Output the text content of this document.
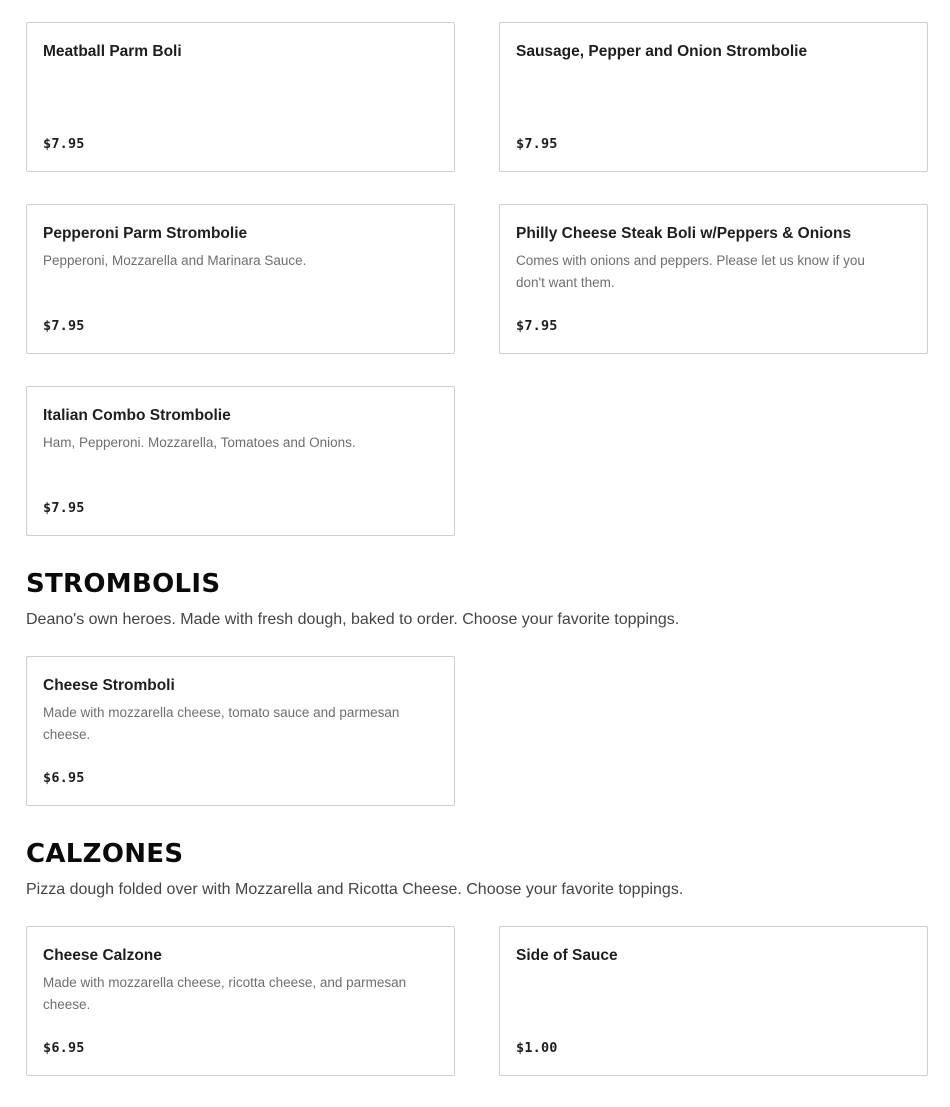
Meatball Parm Boli
$7.95
Sausage, Pepper and Onion Strombolie
$7.95
Pepperoni Parm Strombolie
Pepperoni, Mozzarella and Marinara Sauce.
$7.95
Philly Cheese Steak Boli w/Peppers & Onions
Comes with onions and peppers. Please let us know if you don't want them.
$7.95
Italian Combo Strombolie
Ham, Pepperoni. Mozzarella, Tomatoes and Onions.
$7.95
STROMBOLIS

Deano's own heroes. Made with fresh dough, baked to order. Choose your favorite toppings.

Cheese Stromboli
Made with mozzarella cheese, tomato sauce and parmesan cheese.
$6.95
CALZONES

Pizza dough folded over with Mozzarella and Ricotta Cheese. Choose your favorite toppings.

Cheese Calzone
Made with mozzarella cheese, ricotta cheese, and parmesan cheese.
$6.95
Side of Sauce
$1.00
